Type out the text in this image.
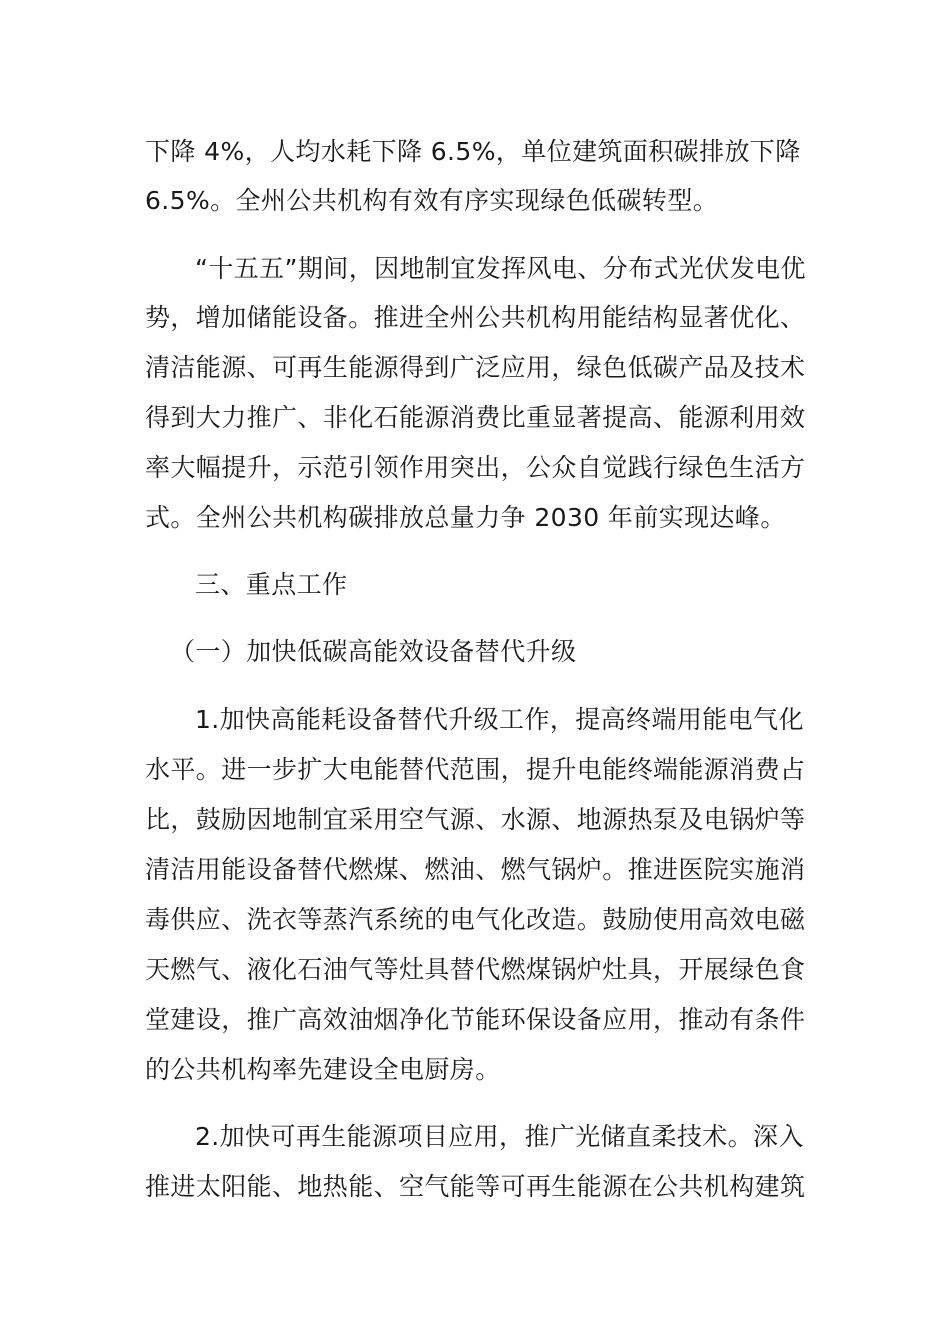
下降 4%，人均水耗下降 6.5%，单位建筑面积碳排放下降
6.5%。全州公共机构有效有序实现绿色低碳转型。
“十五五”期间，因地制宜发挥风电、分布式光伏发电优
势，增加储能设备。推进全州公共机构用能结构显著优化、
清洁能源、可再生能源得到广泛应用，绿色低碳产品及技术
得到大力推广、非化石能源消费比重显著提高、能源利用效
率大幅提升，示范引领作用突出，公众自觉践行绿色生活方
式。全州公共机构碳排放总量力争 2030 年前实现达峰。
三、重点工作
（一）加快低碳高能效设备替代升级
1.加快高能耗设备替代升级工作，提高终端用能电气化
水平。进一步扩大电能替代范围，提升电能终端能源消费占
比，鼓励因地制宜采用空气源、水源、地源热泵及电锅炉等
清洁用能设备替代燃煤、燃油、燃气锅炉。推进医院实施消
毒供应、洗衣等蒸汽系统的电气化改造。鼓励使用高效电磁
天燃气、液化石油气等灶具替代燃煤锅炉灶具，开展绿色食
堂建设，推广高效油烟净化节能环保设备应用，推动有条件
的公共机构率先建设全电厨房。
2.加快可再生能源项目应用，推广光储直柔技术。深入
推进太阳能、地热能、空气能等可再生能源在公共机构建筑
